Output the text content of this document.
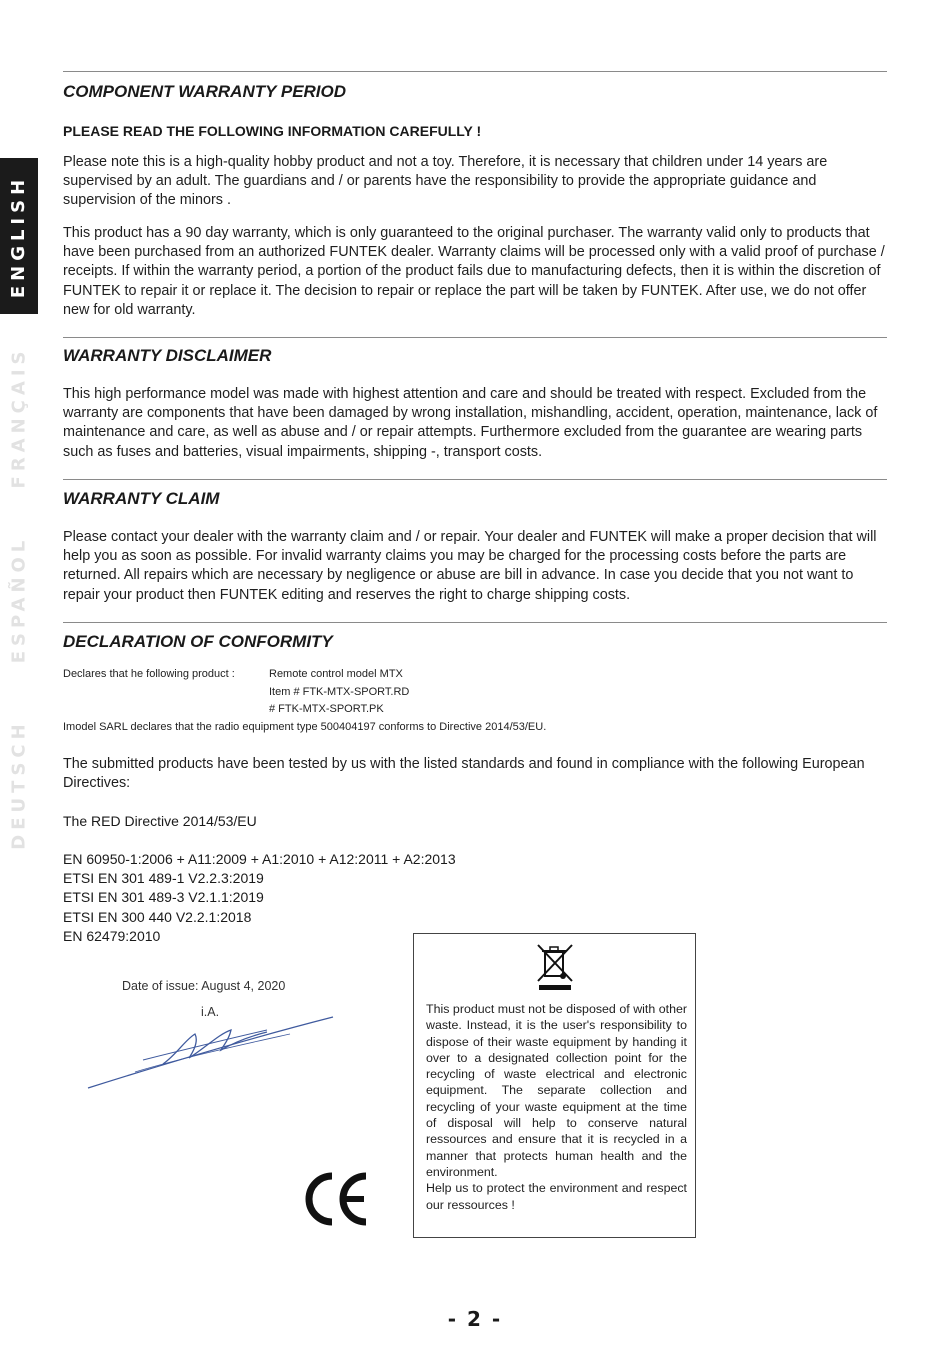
ENGLISH
FRANÇAIS
ESPAÑOL
DEUTSCH
COMPONENT WARRANTY PERIOD
PLEASE READ THE FOLLOWING INFORMATION CAREFULLY !

Please note this is a high-quality hobby product and not a toy. Therefore, it is necessary that children under 14 years are supervised by an adult. The guardians and / or parents have the responsibility to provide the appropriate guidance and supervision of the minors .

This product has a 90 day warranty, which is only guaranteed to the original purchaser. The warranty valid only to products that have been purchased from an authorized FUNTEK dealer. Warranty claims will be processed only with a valid proof of purchase / receipts. If within the warranty period, a portion of the product fails due to manufacturing defects, then it is within the discretion of FUNTEK to repair it or replace it. The decision to repair or replace the part will be taken by FUNTEK. After use, we do not offer new for old warranty.

WARRANTY DISCLAIMER

This high performance model was made with highest attention and care and should be treated with respect. Excluded from the warranty are components that have been damaged by wrong installation, mishandling, accident, operation, maintenance, lack of maintenance and care, as well as abuse and / or repair attempts. Furthermore excluded from the guarantee are wearing parts such as fuses and batteries, visual impairments, shipping -, transport costs.

WARRANTY CLAIM

Please contact your dealer with the warranty claim and / or repair. Your dealer and FUNTEK will make a proper decision that will help you as soon as possible. For invalid warranty claims you may be charged for the processing costs before the parts are returned. All repairs which are necessary by negligence or abuse are bill in advance. In case you decide that you not want to repair your product then FUNTEK editing and reserves the right to charge shipping costs.

DECLARATION OF CONFORMITY
Declares that he following product :	Remote control model MTX
Item # FTK-MTX-SPORT.RD
# FTK-MTX-SPORT.PK
Imodel SARL declares that the radio equipment type 500404197 conforms to Directive 2014/53/EU.

The submitted products have been tested by us with the listed standards and found in compliance with the following European Directives:

The RED Directive 2014/53/EU
EN 60950-1:2006 + A11:2009 + A1:2010 + A12:2011 + A2:2013
ETSI EN 301 489-1 V2.2.3:2019
ETSI EN 301 489-3 V2.1.1:2019
ETSI EN 300 440 V2.2.1:2018
EN 62479:2010
Date of issue: August 4, 2020
i.A.	This product must not be disposed of with other waste. Instead, it is the user's responsibility to dispose of their waste equipment by handing it over to a designated collection point for the recycling of waste electrical and electronic equipment. The separate collection and recycling of your waste equipment at the time of disposal will help to conserve natural ressources and ensure that it is recycled in a manner that protects human health and the environment.
Help us to protect the environment and respect our ressources !
- 2 -
